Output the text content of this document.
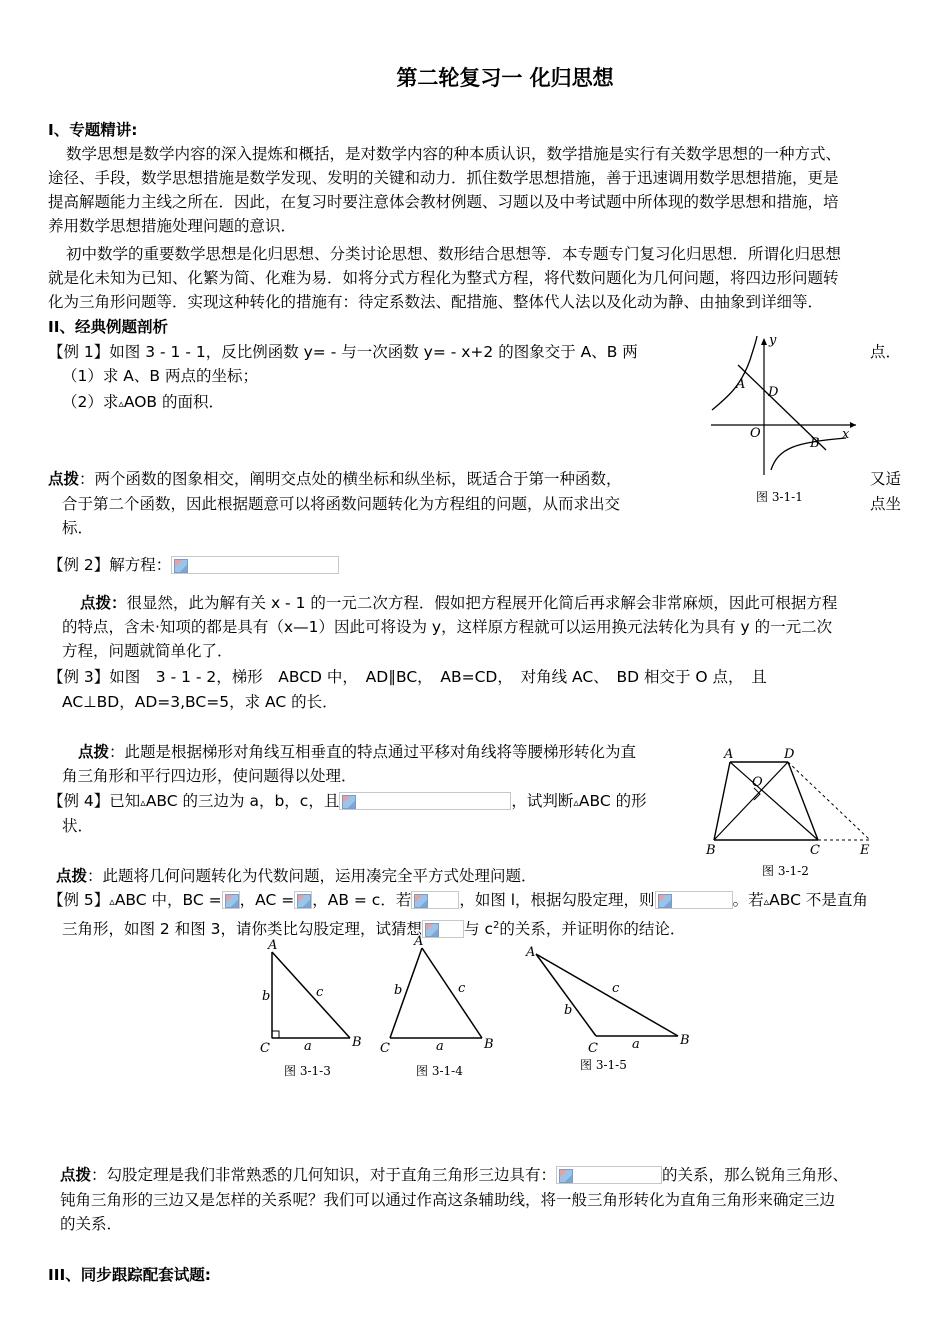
第二轮复习一 化归思想
I、专题精讲:
数学思想是数学内容的深入提炼和概括，是对数学内容的种本质认识，数学措施是实行有关数学思想的一种方式、
途径、手段，数学思想措施是数学发现、发明的关键和动力．抓住数学思想措施，善于迅速调用数学思想措施，更是
提高解题能力主线之所在．因此，在复习时要注意体会教材例题、习题以及中考试题中所体现的数学思想和措施，培
养用数学思想措施处理问题的意识．
初中数学的重要数学思想是化归思想、分类讨论思想、数形结合思想等．本专题专门复习化归思想．所谓化归思想
就是化未知为已知、化繁为简、化难为易．如将分式方程化为整式方程，将代数问题化为几何问题，将四边形问题转
化为三角形问题等．实现这种转化的措施有：待定系数法、配措施、整体代人法以及化动为静、由抽象到详细等．
II、经典例题剖析
【例 1】如图 3 - 1 - 1，反比例函数 y= - 与一次函数 y= - x+2 的图象交于 A、B 两	点．
（1）求 A、B 两点的坐标；
（2）求▵AOB 的面积．
y
x
A
D
O
B
图 3-1-1
点拨：两个函数的图象相交，阐明交点处的横坐标和纵坐标，既适合于第一种函数，	又适
合于第二个函数，因此根据题意可以将函数问题转化为方程组的问题，从而求出交	点坐
标．
【例 2】解方程：
点拨：很显然，此为解有关 x - 1 的一元二次方程．假如把方程展开化简后再求解会非常麻烦，因此可根据方程
的特点，含未·知项的都是具有（x—1）因此可将设为 y，这样原方程就可以运用换元法转化为具有 y 的一元二次
方程，问题就简单化了．
【例 3】如图　3 - 1 - 2，梯形　ABCD 中，　AD∥BC，　AB=CD，　对角线 AC、　BD 相交于 O 点，　且
AC⊥BD，AD=3,BC=5，求 AC 的长．
点拨：此题是根据梯形对角线互相垂直的特点通过平移对角线将等腰梯形转化为直
角三角形和平行四边形，使问题得以处理．
【例 4】已知▵ABC 的三边为 a，b，c，且	，试判断▵ABC 的形
状．
A	D
O
B	C	E
图 3-1-2
点拨：此题将几何问题转化为代数问题，运用凑完全平方式处理问题．
【例 5】▵ABC 中，BC = ，AC = ，AB = c．若	，如图 l，根据勾股定理，则	。若▵ABC 不是直角
三角形，如图 2 和图 3，请你类比勾股定理，试猜想	与 $c^2$的关系，并证明你的结论．
A
b	c
C	a	B
图 3-1-3
A
b	c
C	a	B
图 3-1-4
A
b
c
C	a	B
图 3-1-5
点拨：勾股定理是我们非常熟悉的几何知识，对于直角三角形三边具有：	的关系，那么锐角三角形、
钝角三角形的三边又是怎样的关系呢？我们可以通过作高这条辅助线，将一般三角形转化为直角三角形来确定三边
的关系．
III、同步跟踪配套试题:
